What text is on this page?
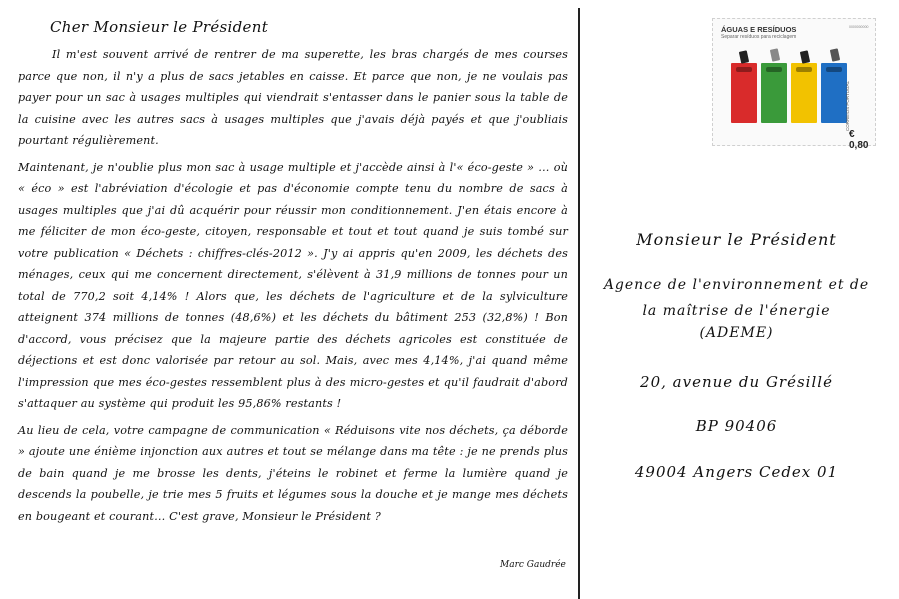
Cher Monsieur le Président

Il m'est souvent arrivé de rentrer de ma superette, les bras chargés de mes courses parce que non, il n'y a plus de sacs jetables en caisse. Et parce que non, je ne voulais pas payer pour un sac à usages multiples qui viendrait s'entasser dans le panier sous la table de la cuisine avec les autres sacs à usages multiples que j'avais déjà payés et que j'oubliais pourtant régulièrement.

Maintenant, je n'oublie plus mon sac à usage multiple et j'accède ainsi à l'« éco-geste » … où « éco » est l'abréviation d'écologie et pas d'économie compte tenu du nombre de sacs à usages multiples que j'ai dû acquérir pour réussir mon conditionnement. J'en étais encore à me féliciter de mon éco-geste, citoyen, responsable et tout et tout quand je suis tombé sur votre publication « Déchets : chiffres-clés-2012 ». J'y ai appris qu'en 2009, les déchets des ménages, ceux qui me concernent directement, s'élèvent à 31,9 millions de tonnes pour un total de 770,2 soit 4,14% ! Alors que, les déchets de l'agriculture et de la sylviculture atteignent 374 millions de tonnes (48,6%) et les déchets du bâtiment 253 (32,8%) ! Bon d'accord, vous précisez que la majeure partie des déchets agricoles est constituée de déjections et est donc valorisée par retour au sol. Mais, avec mes 4,14%, j'ai quand même l'impression que mes éco-gestes ressemblent plus à des micro-gestes et qu'il faudrait d'abord s'attaquer au système qui produit les 95,86% restants !

Au lieu de cela, votre campagne de communication « Réduisons vite nos déchets, ça déborde » ajoute une énième injonction aux autres et tout se mélange dans ma tête : je ne prends plus de bain quand je me brosse les dents, j'éteins le robinet et ferme la lumière quand je descends la poubelle, je trie mes 5 fruits et légumes sous la douche et je mange mes déchets en bougeant et courant… C'est grave, Monsieur le Président ?

Marc Gaudrée
ÁGUAS E RESÍDUOS
Separar resíduos para reciclagem
0000000000
CORREIOS PORTUGAL
€ 0,80
Monsieur le Président
Agence de l'environnement et de
la maîtrise de l'énergie
(ADEME)
20, avenue du Grésillé
BP 90406
49004 Angers Cedex 01
